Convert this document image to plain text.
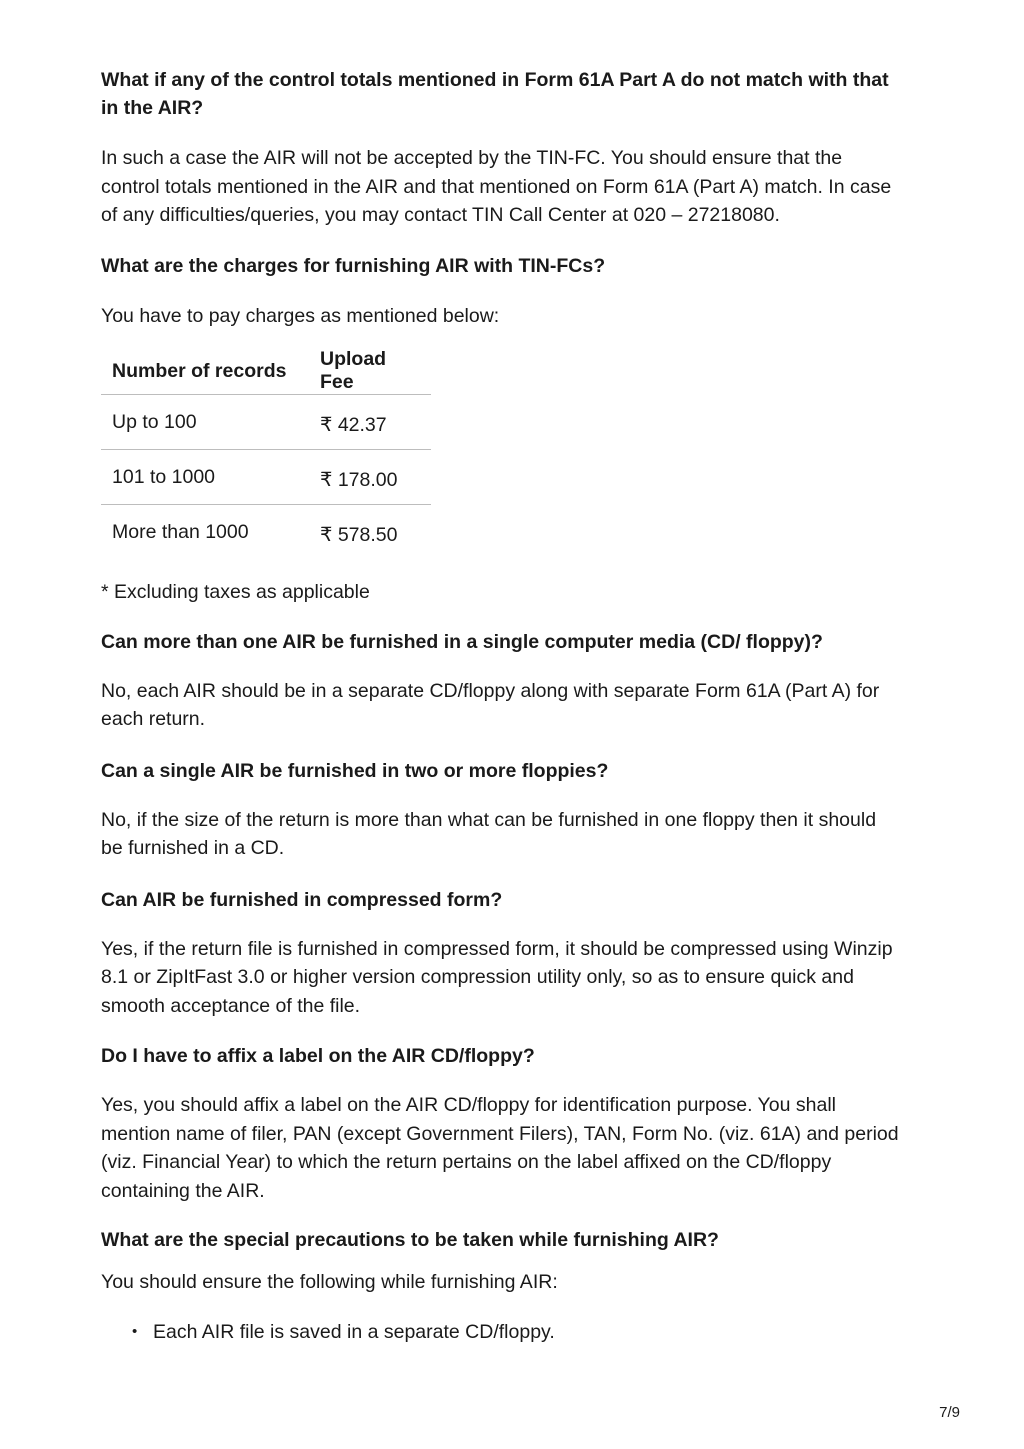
What if any of the control totals mentioned in Form 61A Part A do not match with that in the AIR?

In such a case the AIR will not be accepted by the TIN-FC. You should ensure that the control totals mentioned in the AIR and that mentioned on Form 61A (Part A) match. In case of any difficulties/queries, you may contact TIN Call Center at 020 – 27218080.

What are the charges for furnishing AIR with TIN-FCs?

You have to pay charges as mentioned below:

Number of records	Upload Fee
Up to 100	₹ 42.37
101 to 1000	₹ 178.00
More than 1000	₹ 578.50

* Excluding taxes as applicable

Can more than one AIR be furnished in a single computer media (CD/ floppy)?

No, each AIR should be in a separate CD/floppy along with separate Form 61A (Part A) for each return.

Can a single AIR be furnished in two or more floppies?

No, if the size of the return is more than what can be furnished in one floppy then it should be furnished in a CD.

Can AIR be furnished in compressed form?

Yes, if the return file is furnished in compressed form, it should be compressed using Winzip 8.1 or ZipItFast 3.0 or higher version compression utility only, so as to ensure quick and smooth acceptance of the file.

Do I have to affix a label on the AIR CD/floppy?

Yes, you should affix a label on the AIR CD/floppy for identification purpose. You shall mention name of filer, PAN (except Government Filers), TAN, Form No. (viz. 61A) and period (viz. Financial Year) to which the return pertains on the label affixed on the CD/floppy containing the AIR.

What are the special precautions to be taken while furnishing AIR?

You should ensure the following while furnishing AIR:

• Each AIR file is saved in a separate CD/floppy.
7/9
